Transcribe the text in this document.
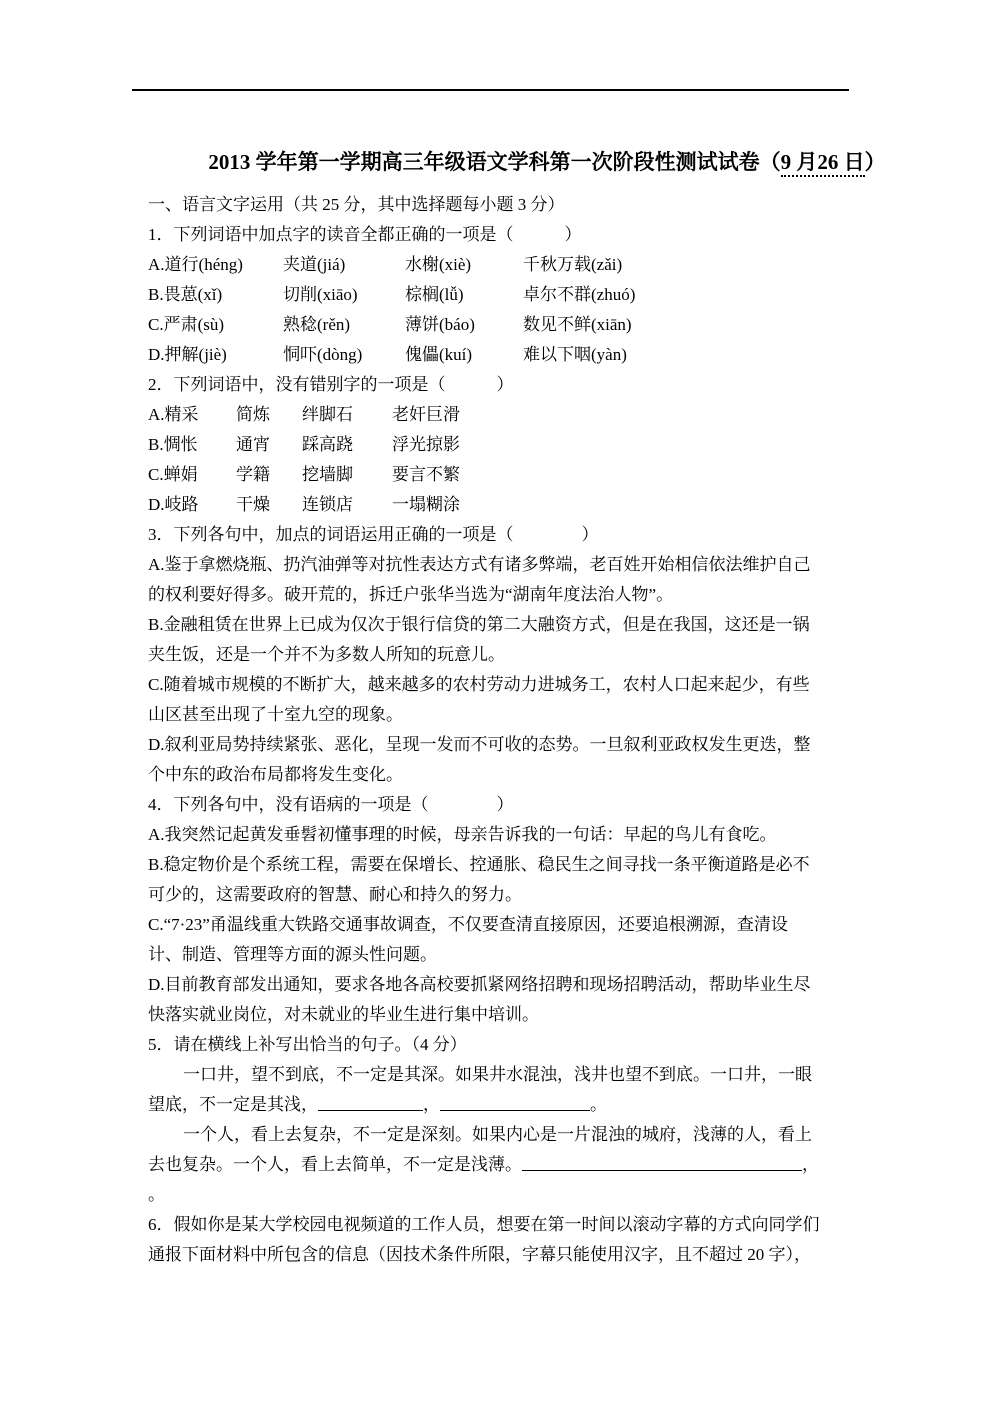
2013 学年第一学期高三年级语文学科第一次阶段性测试试卷（9 月26 日）
一、语言文字运用（共 25 分，其中选择题每小题 3 分）
1．下列词语中加点字的读音全都正确的一项是（　　　）
A.道行(héng)	夹道(jiá)	水榭(xiè)	千秋万载(zǎi)
B.畏葸(xǐ)	切削(xiāo)	棕榈(lǚ)	卓尔不群(zhuó)
C.严肃(sù)	熟稔(rěn)	薄饼(báo)	数见不鲜(xiān)
D.押解(jiè)	恫吓(dòng)	傀儡(kuí)	难以下咽(yàn)
2．下列词语中，没有错别字的一项是（　　　）
A.精采	简炼	绊脚石	老奸巨滑
B.惆怅	通宵	踩高跷	浮光掠影
C.蝉娟	学籍	挖墙脚	要言不繁
D.岐路	干燥	连锁店	一塌糊涂
3．下列各句中，加点的词语运用正确的一项是（　　　　）
A.鉴于拿燃烧瓶、扔汽油弹等对抗性表达方式有诸多弊端，老百姓开始相信依法维护自己
的权利要好得多。破开荒的，拆迁户张华当选为“湖南年度法治人物”。
B.金融租赁在世界上已成为仅次于银行信贷的第二大融资方式，但是在我国，这还是一锅
夹生饭，还是一个并不为多数人所知的玩意儿。
C.随着城市规模的不断扩大，越来越多的农村劳动力进城务工，农村人口起来起少，有些
山区甚至出现了十室九空的现象。
D.叙利亚局势持续紧张、恶化，呈现一发而不可收的态势。一旦叙利亚政权发生更迭，整
个中东的政治布局都将发生变化。
4．下列各句中，没有语病的一项是（　　　　）
A.我突然记起黄发垂髫初懂事理的时候，母亲告诉我的一句话：早起的鸟儿有食吃。
B.稳定物价是个系统工程，需要在保增长、控通胀、稳民生之间寻找一条平衡道路是必不
可少的，这需要政府的智慧、耐心和持久的努力。
C.“7·23”甬温线重大铁路交通事故调查，不仅要查清直接原因，还要追根溯源，查清设
计、制造、管理等方面的源头性问题。
D.目前教育部发出通知，要求各地各高校要抓紧网络招聘和现场招聘活动，帮助毕业生尽
快落实就业岗位，对未就业的毕业生进行集中培训。
5．请在横线上补写出恰当的句子。（4 分）
一口井，望不到底，不一定是其深。如果井水混浊，浅井也望不到底。一口井，一眼
望底，不一定是其浅，	，	。
一个人，看上去复杂，不一定是深刻。如果内心是一片混浊的城府，浅薄的人，看上
去也复杂。一个人，看上去简单，不一定是浅薄。	，
。
6．假如你是某大学校园电视频道的工作人员，想要在第一时间以滚动字幕的方式向同学们
通报下面材料中所包含的信息（因技术条件所限，字幕只能使用汉字，且不超过 20 字），
